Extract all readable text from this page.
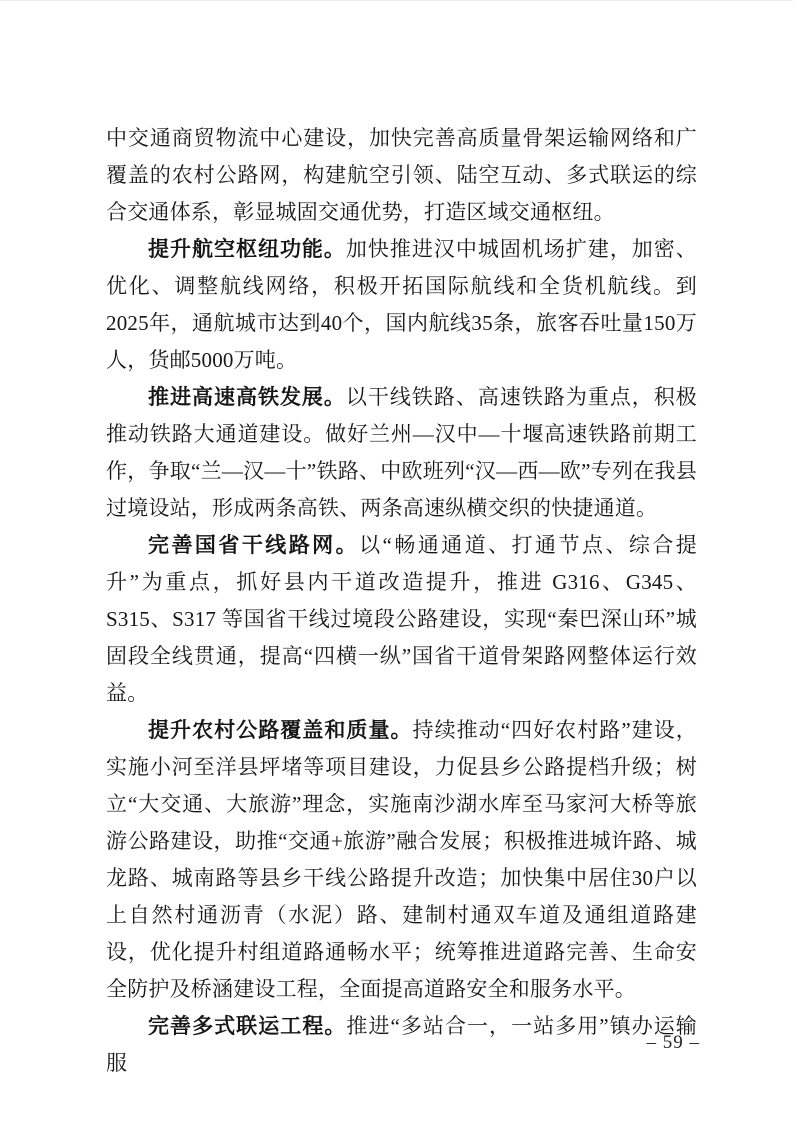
中交通商贸物流中心建设，加快完善高质量骨架运输网络和广覆盖的农村公路网，构建航空引领、陆空互动、多式联运的综合交通体系，彰显城固交通优势，打造区域交通枢纽。

提升航空枢纽功能。加快推进汉中城固机场扩建，加密、优化、调整航线网络，积极开拓国际航线和全货机航线。到2025年，通航城市达到40个，国内航线35条，旅客吞吐量150万人，货邮5000万吨。

推进高速高铁发展。以干线铁路、高速铁路为重点，积极推动铁路大通道建设。做好兰州—汉中—十堰高速铁路前期工作，争取“兰—汉—十”铁路、中欧班列“汉—西—欧”专列在我县过境设站，形成两条高铁、两条高速纵横交织的快捷通道。

完善国省干线路网。以“畅通通道、打通节点、综合提升”为重点，抓好县内干道改造提升，推进 G316、G345、S315、S317 等国省干线过境段公路建设，实现“秦巴深山环”城固段全线贯通，提高“四横一纵”国省干道骨架路网整体运行效益。

提升农村公路覆盖和质量。持续推动“四好农村路”建设，实施小河至洋县坪堵等项目建设，力促县乡公路提档升级；树立“大交通、大旅游”理念，实施南沙湖水库至马家河大桥等旅游公路建设，助推“交通+旅游”融合发展；积极推进城许路、城龙路、城南路等县乡干线公路提升改造；加快集中居住30户以上自然村通沥青（水泥）路、建制村通双车道及通组道路建设，优化提升村组道路通畅水平；统筹推进道路完善、生命安全防护及桥涵建设工程，全面提高道路安全和服务水平。

完善多式联运工程。推进“多站合一，一站多用”镇办运输服

– 59 –
